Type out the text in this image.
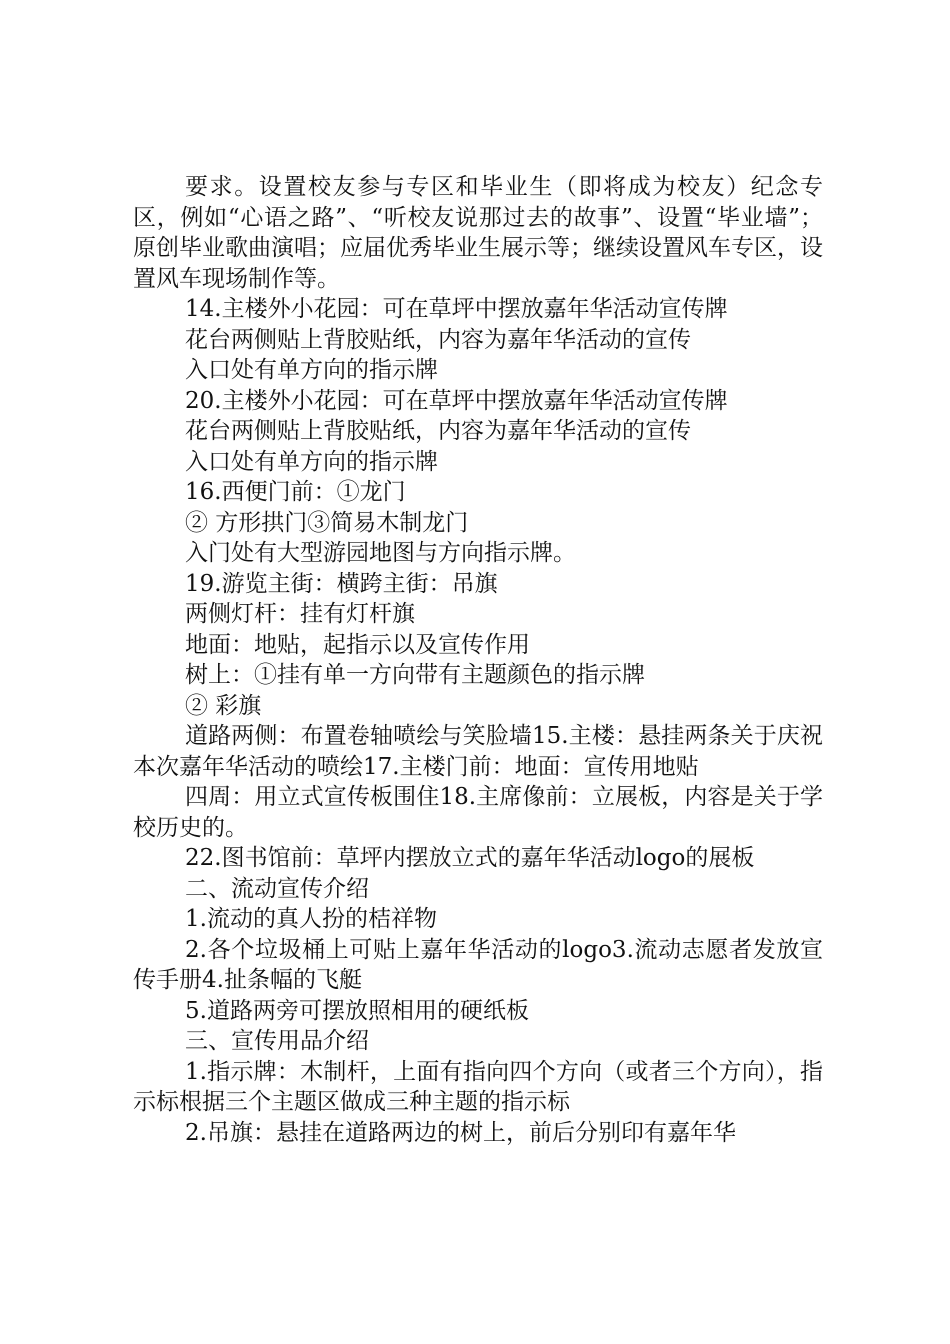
要求。设置校友参与专区和毕业生（即将成为校友）纪念专区，例如“心语之路”、“听校友说那过去的故事”、设置“毕业墙”；原创毕业歌曲演唱；应届优秀毕业生展示等；继续设置风车专区，设置风车现场制作等。

14.主楼外小花园：可在草坪中摆放嘉年华活动宣传牌

花台两侧贴上背胶贴纸，内容为嘉年华活动的宣传

入口处有单方向的指示牌

20.主楼外小花园：可在草坪中摆放嘉年华活动宣传牌

花台两侧贴上背胶贴纸，内容为嘉年华活动的宣传

入口处有单方向的指示牌

16.西便门前：①龙门

② 方形拱门③简易木制龙门

入门处有大型游园地图与方向指示牌。

19.游览主街：横跨主街：吊旗

两侧灯杆：挂有灯杆旗

地面：地贴，起指示以及宣传作用

树上：①挂有单一方向带有主题颜色的指示牌

② 彩旗

道路两侧：布置卷轴喷绘与笑脸墙15.主楼：悬挂两条关于庆祝本次嘉年华活动的喷绘17.主楼门前：地面：宣传用地贴

四周：用立式宣传板围住18.主席像前：立展板，内容是关于学校历史的。

22.图书馆前：草坪内摆放立式的嘉年华活动logo的展板

二、流动宣传介绍

1.流动的真人扮的桔祥物

2.各个垃圾桶上可贴上嘉年华活动的logo3.流动志愿者发放宣传手册4.扯条幅的飞艇

5.道路两旁可摆放照相用的硬纸板

三、宣传用品介绍

1.指示牌：木制杆，上面有指向四个方向（或者三个方向），指示标根据三个主题区做成三种主题的指示标

2.吊旗：悬挂在道路两边的树上，前后分别印有嘉年华
